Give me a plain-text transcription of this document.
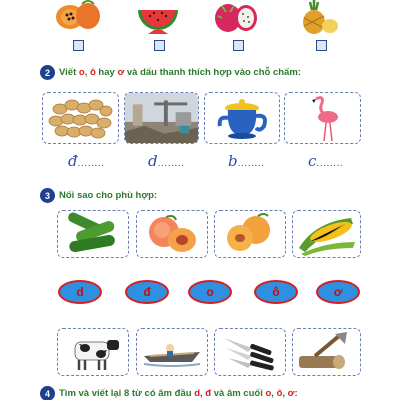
2 Viết o, ô hay ơ và dấu thanh thích hợp vào chỗ chấm:
đ........	d........	b........	c........
3 Nối sao cho phù hợp:
d	đ	o	ô	ơ
4 Tìm và viết lại 8 từ có âm đầu d, đ và âm cuối o, ô, ơ:
